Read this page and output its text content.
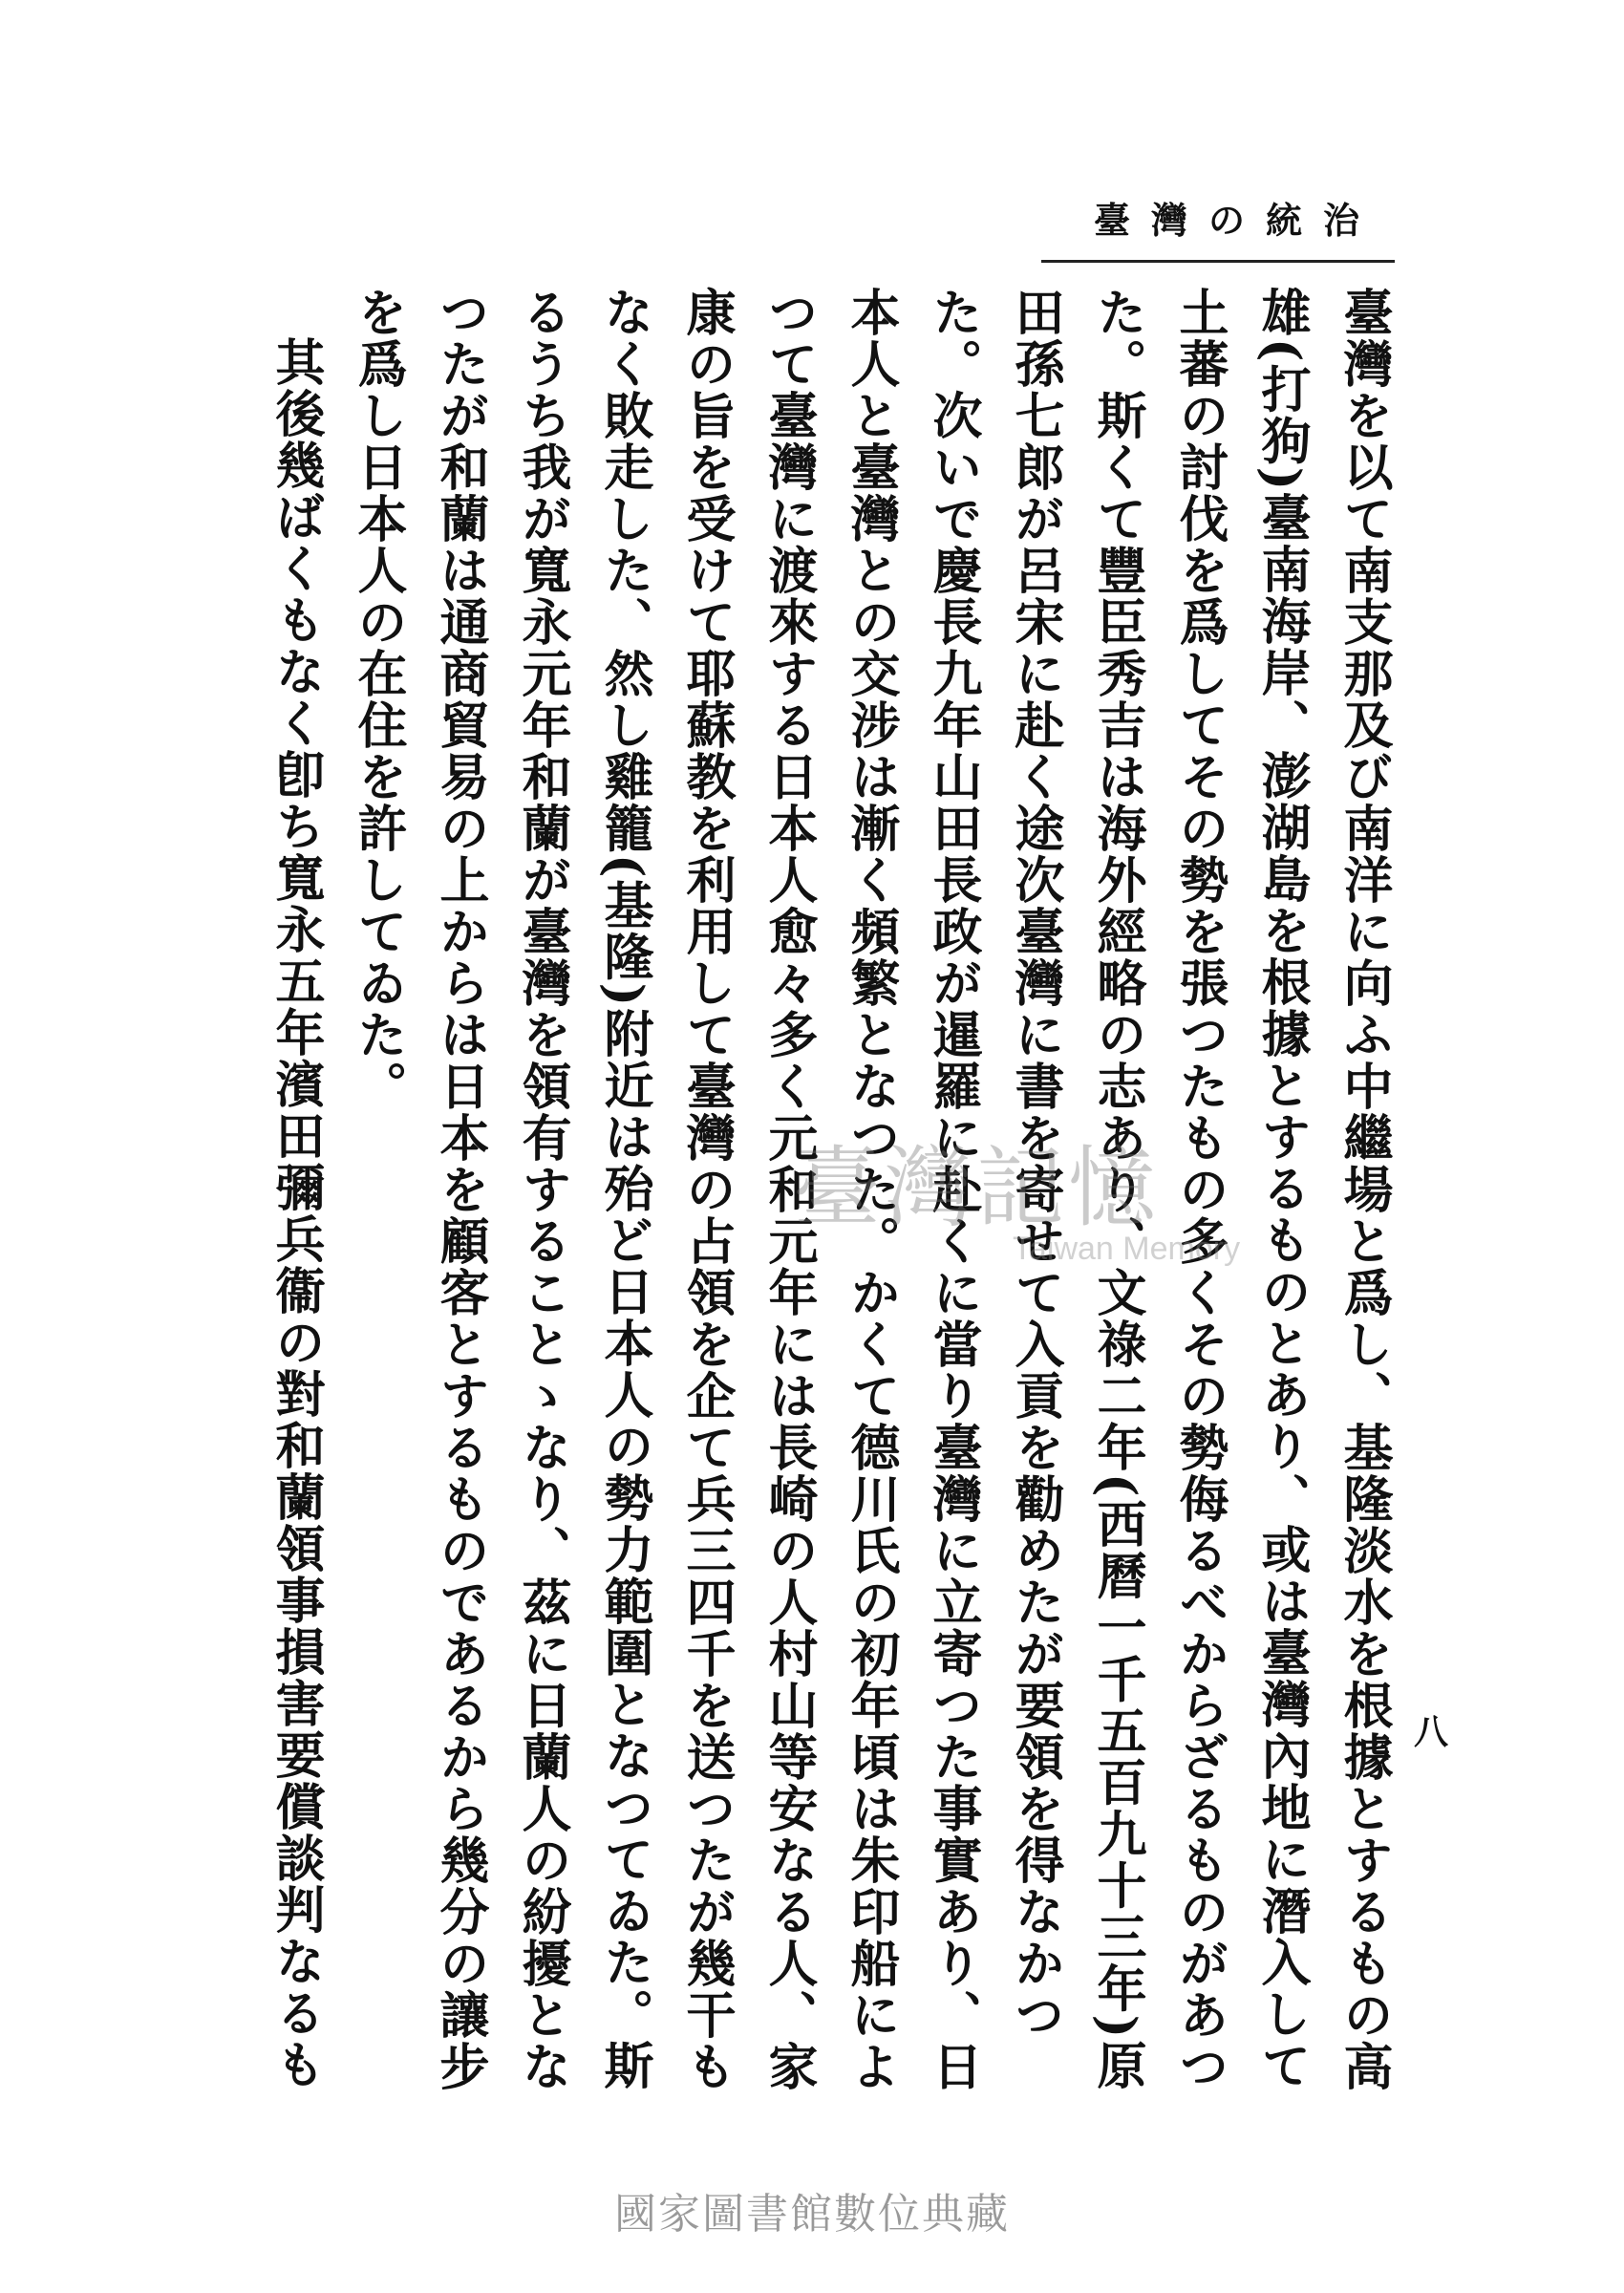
臺灣の統治

臺灣を以て南支那及び南洋に向ふ中繼場と爲し、基隆淡水を根據とするもの高雄(打狗)臺南海岸、澎湖島を根據とするものとあり、或は臺灣內地に潛入して土蕃の討伐を爲してその勢を張つたもの多くその勢侮るべからざるものがあつた。斯くて豐臣秀吉は海外經略の志あり、文祿二年(西曆一千五百九十三年)原田孫七郎が呂宋に赴く途次臺灣に書を寄せて入貢を勸めたが要領を得なかつた。次いで慶長九年山田長政が暹羅に赴くに當り臺灣に立寄つた事實あり、日本人と臺灣との交涉は漸く頻繁となつた。かくて德川氏の初年頃は朱印船によつて臺灣に渡來する日本人愈々多く元和元年には長崎の人村山等安なる人、家康の旨を受けて耶蘇教を利用して臺灣の占領を企て兵三四千を送つたが幾干もなく敗走した、然し雞籠(基隆)附近は殆ど日本人の勢力範圍となつてゐた。斯るうち我が寬永元年和蘭が臺灣を領有することゝなり、茲に日蘭人の紛擾となつたが和蘭は通商貿易の上からは日本を顧客とするものであるから幾分の讓步を爲し日本人の在住を許してゐた。

其後幾ばくもなく卽ち寬永五年濱田彌兵衞の對和蘭領事損害要償談判なるも	八
臺灣記憶
Taiwan Memory
國家圖書館數位典藏
